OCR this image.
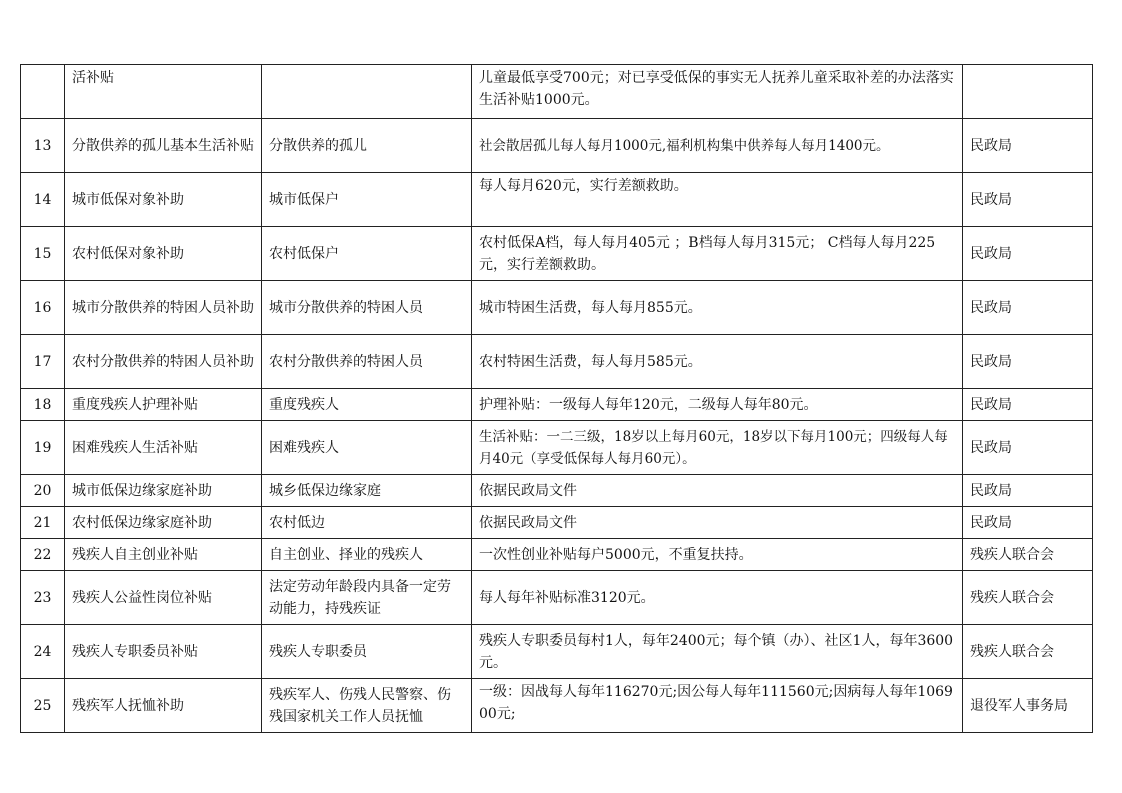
	活补贴		儿童最低享受700元；对已享受低保的事实无人抚养儿童采取补差的办法落实生活补贴1000元。	
13	分散供养的孤儿基本生活补贴	分散供养的孤儿	社会散居孤儿每人每月1000元,福利机构集中供养每人每月1400元。	民政局
14	城市低保对象补助	城市低保户	每人每月620元，实行差额救助。	民政局
15	农村低保对象补助	农村低保户	农村低保A档，每人每月405元 ；B档每人每月315元； C档每人每月225元，实行差额救助。	民政局
16	城市分散供养的特困人员补助	城市分散供养的特困人员	城市特困生活费，每人每月855元。	民政局
17	农村分散供养的特困人员补助	农村分散供养的特困人员	农村特困生活费，每人每月585元。	民政局
18	重度残疾人护理补贴	重度残疾人	护理补贴：一级每人每年120元，二级每人每年80元。	民政局
19	困难残疾人生活补贴	困难残疾人	生活补贴：一二三级，18岁以上每月60元，18岁以下每月100元；四级每人每月40元（享受低保每人每月60元）。	民政局
20	城市低保边缘家庭补助	城乡低保边缘家庭	依据民政局文件	民政局
21	农村低保边缘家庭补助	农村低边	依据民政局文件	民政局
22	残疾人自主创业补贴	自主创业、择业的残疾人	一次性创业补贴每户5000元，不重复扶持。	残疾人联合会
23	残疾人公益性岗位补贴	法定劳动年龄段内具备一定劳动能力，持残疾证	每人每年补贴标准3120元。	残疾人联合会
24	残疾人专职委员补贴	残疾人专职委员	残疾人专职委员每村1人，每年2400元；每个镇（办）、社区1人，每年3600元。	残疾人联合会
25	残疾军人抚恤补助	残疾军人、伤残人民警察、伤残国家机关工作人员抚恤	一级：因战每人每年116270元;因公每人每年111560元;因病每人每年106900元;	退役军人事务局
